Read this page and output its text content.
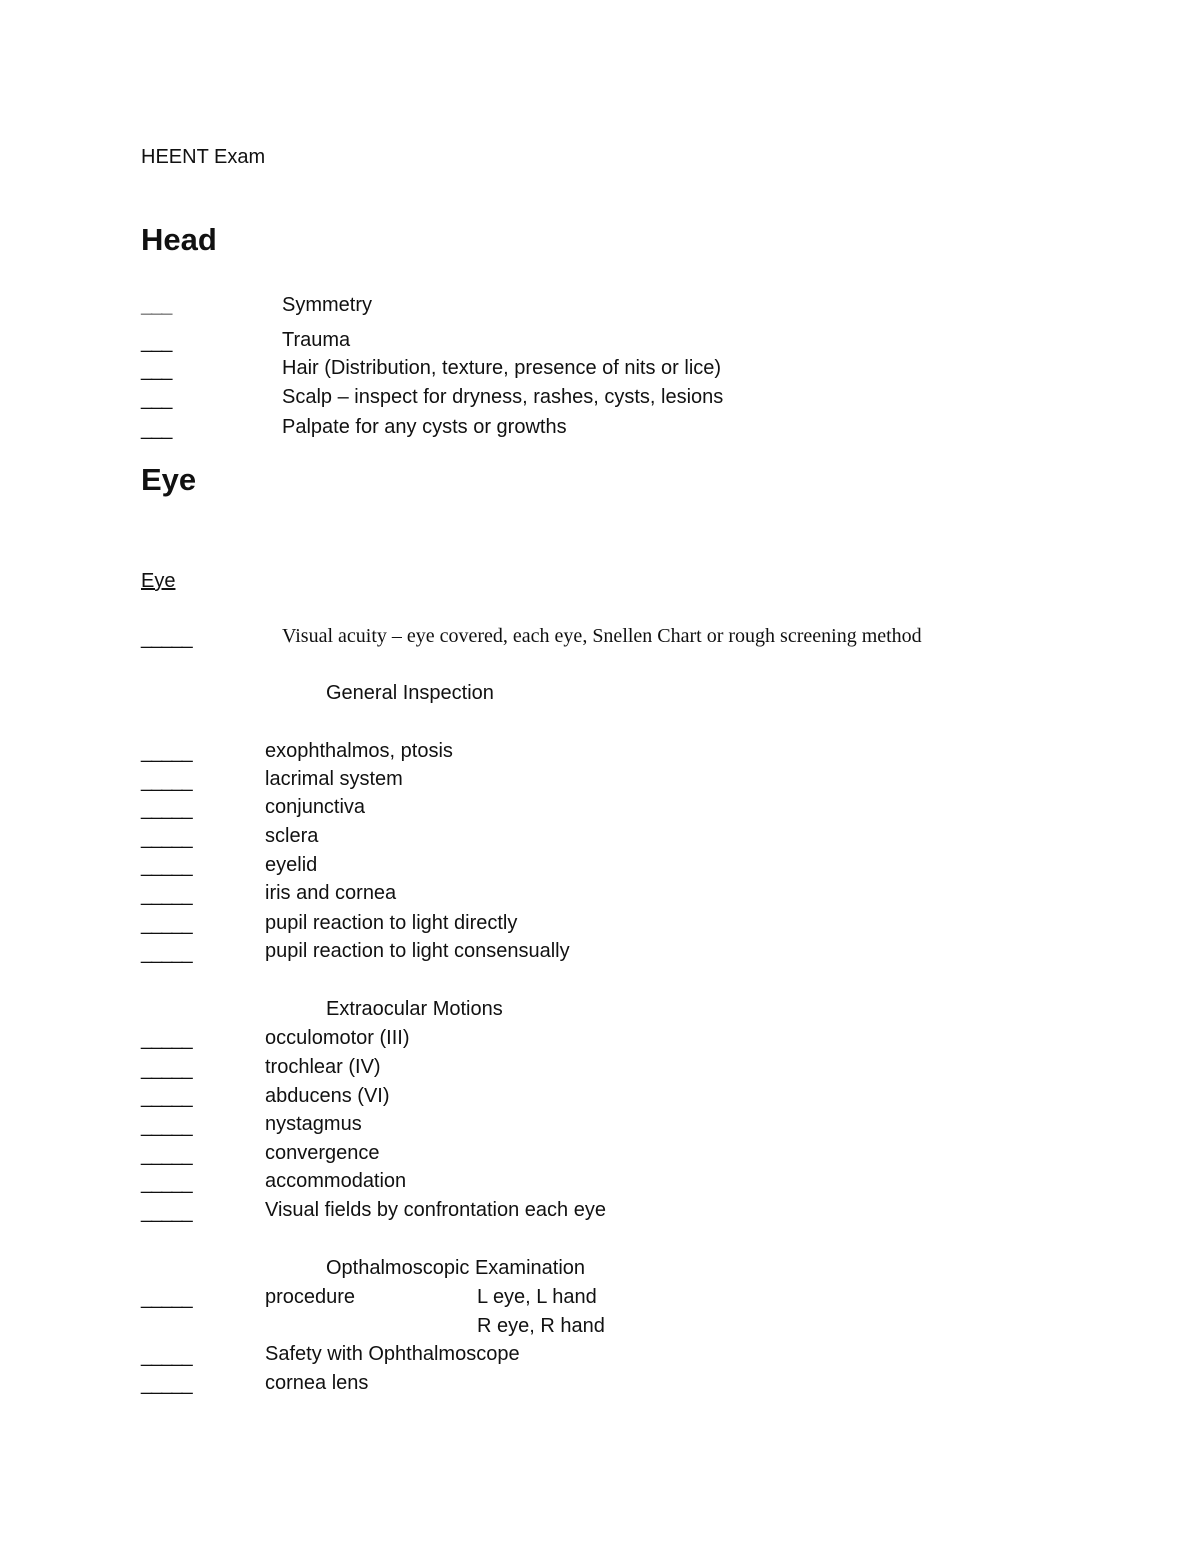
HEENT Exam
Head
___	Symmetry
___	Trauma
___	Hair (Distribution, texture, presence of nits or lice)
___	Scalp – inspect for dryness, rashes, cysts, lesions
___	Palpate for any cysts or growths
Eye
Eye
_____	Visual acuity – eye covered, each eye, Snellen Chart or rough screening method
General Inspection
_____	exophthalmos, ptosis
_____	lacrimal system
_____	conjunctiva
_____	sclera
_____	eyelid
_____	iris and cornea
_____	pupil reaction to light directly
_____	pupil reaction to light consensually
Extraocular Motions
_____	occulomotor (III)
_____	trochlear (IV)
_____	abducens (VI)
_____	nystagmus
_____	convergence
_____	accommodation
_____	Visual fields by confrontation each eye
Opthalmoscopic Examination
_____	procedure	L eye, L hand
R eye, R hand
_____	Safety with Ophthalmoscope
_____	cornea lens
